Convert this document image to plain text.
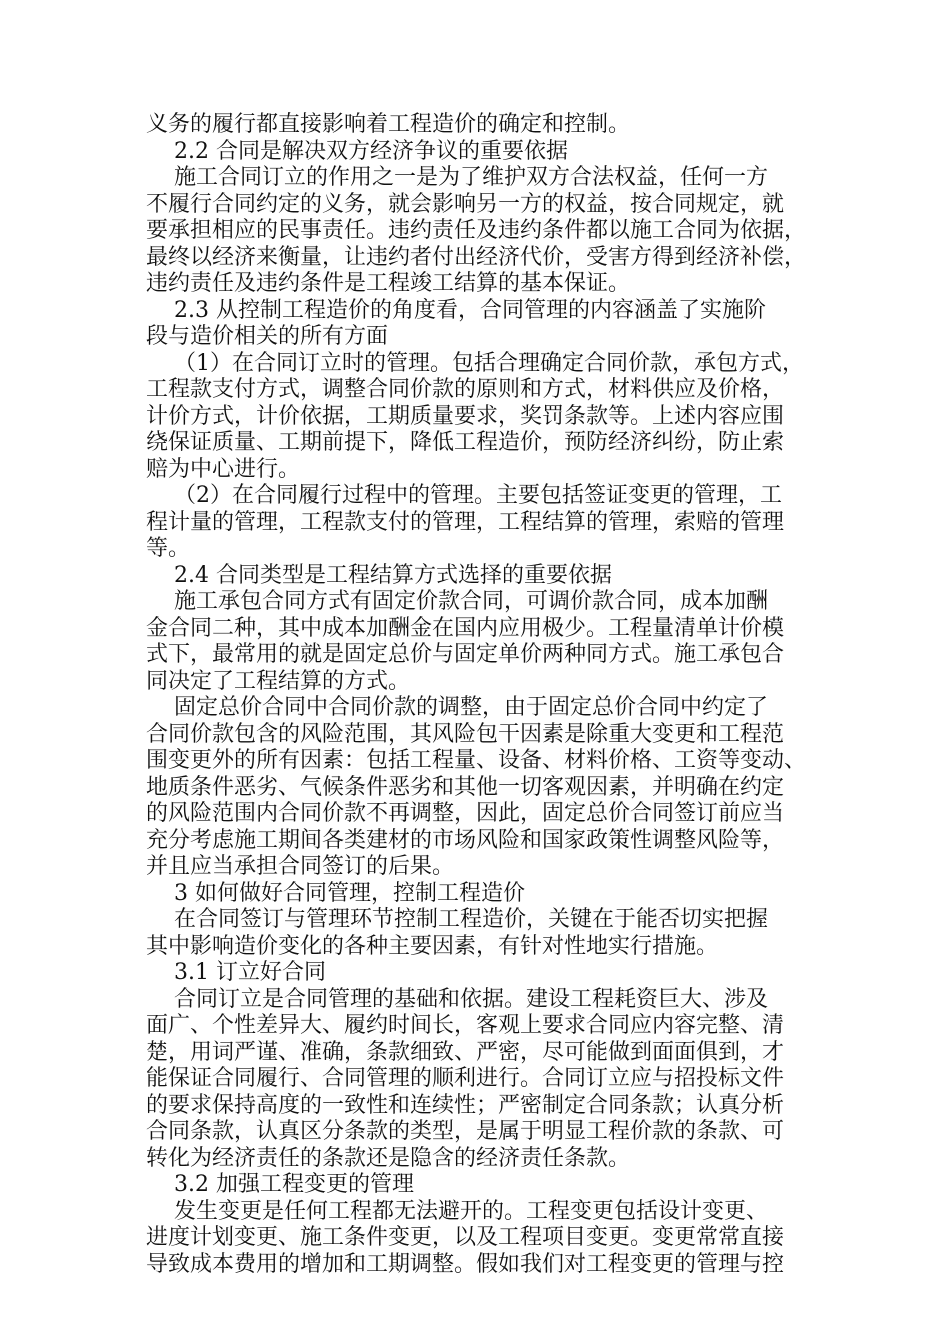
义务的履行都直接影响着工程造价的确定和控制。
2.2 合同是解决双方经济争议的重要依据
施工合同订立的作用之一是为了维护双方合法权益，任何一方
不履行合同约定的义务，就会影响另一方的权益，按合同规定，就
要承担相应的民事责任。违约责任及违约条件都以施工合同为依据，
最终以经济来衡量，让违约者付出经济代价，受害方得到经济补偿，
违约责任及违约条件是工程竣工结算的基本保证。
2.3 从控制工程造价的角度看，合同管理的内容涵盖了实施阶
段与造价相关的所有方面
（1）在合同订立时的管理。包括合理确定合同价款，承包方式，
工程款支付方式，调整合同价款的原则和方式，材料供应及价格，
计价方式，计价依据，工期质量要求，奖罚条款等。上述内容应围
绕保证质量、工期前提下，降低工程造价，预防经济纠纷，防止索
赔为中心进行。
（2）在合同履行过程中的管理。主要包括签证变更的管理，工
程计量的管理，工程款支付的管理，工程结算的管理，索赔的管理
等。
2.4 合同类型是工程结算方式选择的重要依据
施工承包合同方式有固定价款合同，可调价款合同，成本加酬
金合同二种，其中成本加酬金在国内应用极少。工程量清单计价模
式下，最常用的就是固定总价与固定单价两种同方式。施工承包合
同决定了工程结算的方式。
固定总价合同中合同价款的调整，由于固定总价合同中约定了
合同价款包含的风险范围，其风险包干因素是除重大变更和工程范
围变更外的所有因素：包括工程量、设备、材料价格、工资等变动、
地质条件恶劣、气候条件恶劣和其他一切客观因素，并明确在约定
的风险范围内合同价款不再调整，因此，固定总价合同签订前应当
充分考虑施工期间各类建材的市场风险和国家政策性调整风险等，
并且应当承担合同签订的后果。
3 如何做好合同管理，控制工程造价
在合同签订与管理环节控制工程造价，关键在于能否切实把握
其中影响造价变化的各种主要因素，有针对性地实行措施。
3.1 订立好合同
合同订立是合同管理的基础和依据。建设工程耗资巨大、涉及
面广、个性差异大、履约时间长，客观上要求合同应内容完整、清
楚，用词严谨、准确，条款细致、严密，尽可能做到面面俱到，才
能保证合同履行、合同管理的顺利进行。合同订立应与招投标文件
的要求保持高度的一致性和连续性；严密制定合同条款；认真分析
合同条款，认真区分条款的类型，是属于明显工程价款的条款、可
转化为经济责任的条款还是隐含的经济责任条款。
3.2 加强工程变更的管理
发生变更是任何工程都无法避开的。工程变更包括设计变更、
进度计划变更、施工条件变更，以及工程项目变更。变更常常直接
导致成本费用的增加和工期调整。假如我们对工程变更的管理与控
